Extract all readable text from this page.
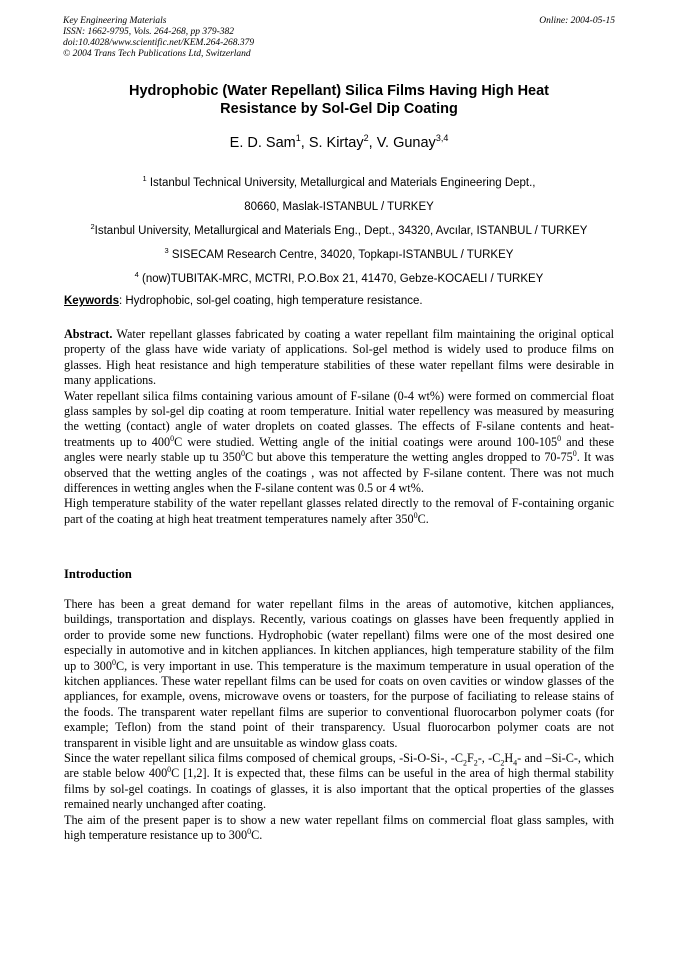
Key Engineering Materials
ISSN: 1662-9795, Vols. 264-268, pp 379-382
doi:10.4028/www.scientific.net/KEM.264-268.379
© 2004 Trans Tech Publications Ltd, Switzerland
Online: 2004-05-15
Hydrophobic (Water Repellant) Silica Films Having High Heat
Resistance by Sol-Gel Dip Coating
E. D. Sam$^1$, S. Kirtay$^2$, V. Gunay$^{3,4}$
$^1$ Istanbul Technical University, Metallurgical and Materials Engineering Dept.,
80660, Maslak-ISTANBUL / TURKEY
$^2$Istanbul University, Metallurgical and Materials Eng., Dept., 34320, Avcılar, ISTANBUL / TURKEY
$^3$ SISECAM Research Centre, 34020, Topkapı-ISTANBUL / TURKEY
$^4$ (now)TUBITAK-MRC, MCTRI, P.O.Box 21, 41470, Gebze-KOCAELI / TURKEY
Keywords: Hydrophobic, sol-gel coating, high temperature resistance.

Abstract. Water repellant glasses fabricated by coating a water repellant film maintaining the original optical property of the glass have wide variaty of applications. Sol-gel method is widely used to produce films on glasses. High heat resistance and high temperature stabilities of these water repellant films were desirable in many applications.

Water repellant silica films containing various amount of F-silane (0-4 wt%) were formed on commercial float glass samples by sol-gel dip coating at room temperature. Initial water repellency was measured by measuring the wetting (contact) angle of water droplets on coated glasses. The effects of F-silane contents and heat-treatments up to $400^0C$ were studied. Wetting angle of the initial coatings were around $100-105^0$ and these angles were nearly stable up tu $350^0C$ but above this temperature the wetting angles dropped to $70-75^0$. It was observed that the wetting angles of the coatings , was not affected by F-silane content. There was not much differences in wetting angles when the F-silane content was 0.5 or 4 wt%.

High temperature stability of the water repellant glasses related directly to the removal of F-containing organic part of the coating at high heat treatment temperatures namely after $350^0C$.

Introduction

There has been a great demand for water repellant films in the areas of automotive, kitchen appliances, buildings, transportation and displays. Recently, various coatings on glasses have been frequently applied in order to provide some new functions. Hydrophobic (water repellant) films were one of the most desired one especially in automotive and in kitchen appliances. In kitchen appliances, high temperature stability of the film up to $300^0C$, is very important in use. This temperature is the maximum temperature in usual operation of the kitchen appliances. These water repellant films can be used for coats on oven cavities or window glasses of the appliances, for example, ovens, microwave ovens or toasters, for the purpose of faciliating to release stains of the foods. The transparent water repellant films are superior to conventional fluorocarbon polymer coats (for example; Teflon) from the stand point of their transparency. Usual fluorocarbon polymer coats are not transparent in visible light and are unsuitable as window glass coats.

Since the water repellant silica films composed of chemical groups, -Si-O-Si-, $-C_2F_2-$, $-C_2H_4-$ and –Si-C-, which are stable below $400^0C$ [1,2]. It is expected that, these films can be useful in the area of high thermal stability films by sol-gel coatings. In coatings of glasses, it is also important that the optical properties of the glasses remained nearly unchanged after coating.

The aim of the present paper is to show a new water repellant films on commercial float glass samples, with high temperature resistance up to $300^0C$.
